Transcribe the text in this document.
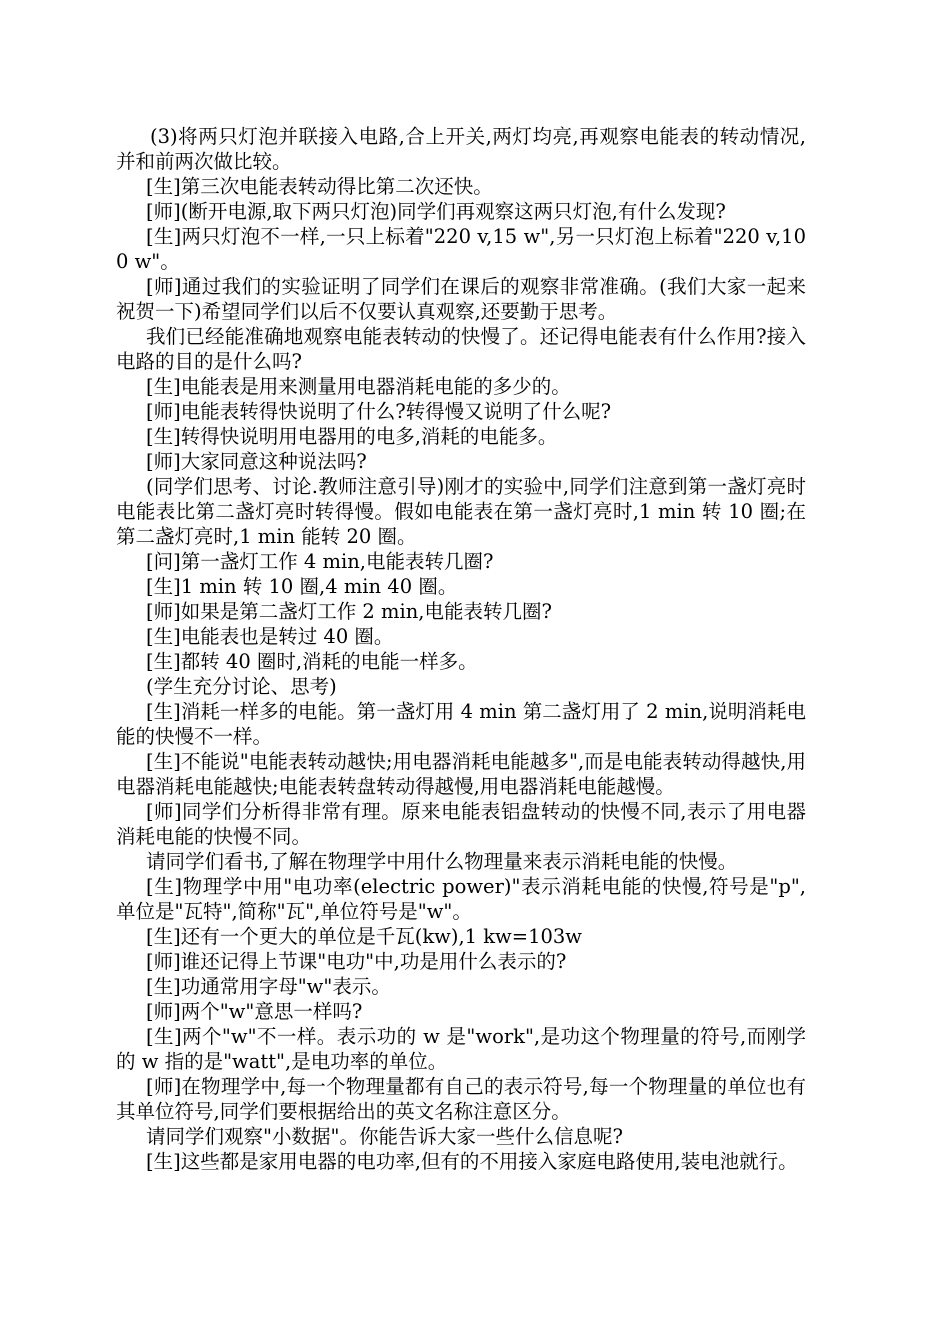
(3)将两只灯泡并联接入电路,合上开关,两灯均亮,再观察电能表的转动情况,并和前两次做比较。

[生]第三次电能表转动得比第二次还快。

[师](断开电源,取下两只灯泡)同学们再观察这两只灯泡,有什么发现?

[生]两只灯泡不一样,一只上标着"220 v,15 w",另一只灯泡上标着"220 v,100 w"。

[师]通过我们的实验证明了同学们在课后的观察非常准确。(我们大家一起来祝贺一下)希望同学们以后不仅要认真观察,还要勤于思考。

我们已经能准确地观察电能表转动的快慢了。还记得电能表有什么作用?接入电路的目的是什么吗?

[生]电能表是用来测量用电器消耗电能的多少的。

[师]电能表转得快说明了什么?转得慢又说明了什么呢?

[生]转得快说明用电器用的电多,消耗的电能多。

[师]大家同意这种说法吗?

(同学们思考、讨论.教师注意引导)刚才的实验中,同学们注意到第一盏灯亮时电能表比第二盏灯亮时转得慢。假如电能表在第一盏灯亮时,1 min 转 10 圈;在第二盏灯亮时,1 min 能转 20 圈。

[问]第一盏灯工作 4 min,电能表转几圈?

[生]1 min 转 10 圈,4 min 40 圈。

[师]如果是第二盏灯工作 2 min,电能表转几圈?

[生]电能表也是转过 40 圈。

[生]都转 40 圈时,消耗的电能一样多。

(学生充分讨论、思考)

[生]消耗一样多的电能。第一盏灯用 4 min 第二盏灯用了 2 min,说明消耗电能的快慢不一样。

[生]不能说"电能表转动越快;用电器消耗电能越多",而是电能表转动得越快,用电器消耗电能越快;电能表转盘转动得越慢,用电器消耗电能越慢。

[师]同学们分析得非常有理。原来电能表铝盘转动的快慢不同,表示了用电器消耗电能的快慢不同。

请同学们看书,了解在物理学中用什么物理量来表示消耗电能的快慢。

[生]物理学中用"电功率(electric power)"表示消耗电能的快慢,符号是"p",单位是"瓦特",简称"瓦",单位符号是"w"。

[生]还有一个更大的单位是千瓦(kw),1 kw=103w

[师]谁还记得上节课"电功"中,功是用什么表示的?

[生]功通常用字母"w"表示。

[师]两个"w"意思一样吗?

[生]两个"w"不一样。表示功的 w 是"work",是功这个物理量的符号,而刚学的 w 指的是"watt",是电功率的单位。

[师]在物理学中,每一个物理量都有自己的表示符号,每一个物理量的单位也有其单位符号,同学们要根据给出的英文名称注意区分。

请同学们观察"小数据"。你能告诉大家一些什么信息呢?

[生]这些都是家用电器的电功率,但有的不用接入家庭电路使用,装电池就行。
